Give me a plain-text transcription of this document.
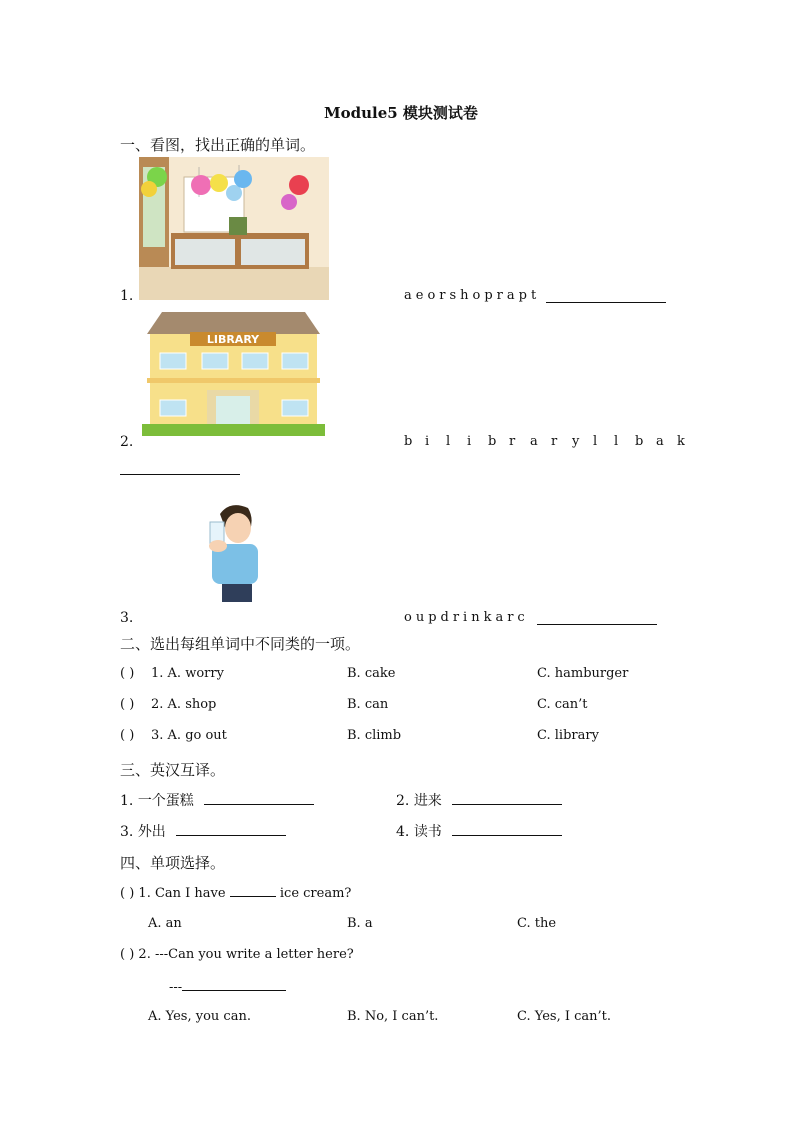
Module5 模块测试卷
一、看图，找出正确的单词。
1.	aeorshoprapt
LIBRARY
2.	b i l i b r a r y l l b a k
3.	oupdrinkarc
二、选出每组单词中不同类的一项。
( ) 1. A. worry	B. cake	C. hamburger
( ) 2. A. shop	B. can	C. can’t
( ) 3. A. go out	B. climb	C. library
三、英汉互译。
1. 一个蛋糕	2. 进来
3. 外出	4. 读书
四、单项选择。
( ) 1. Can I have	ice cream?
A. an	B. a	C. the
( ) 2. ---Can you write a letter here?
---
A. Yes, you can.	B. No, I can’t.	C. Yes, I can’t.
